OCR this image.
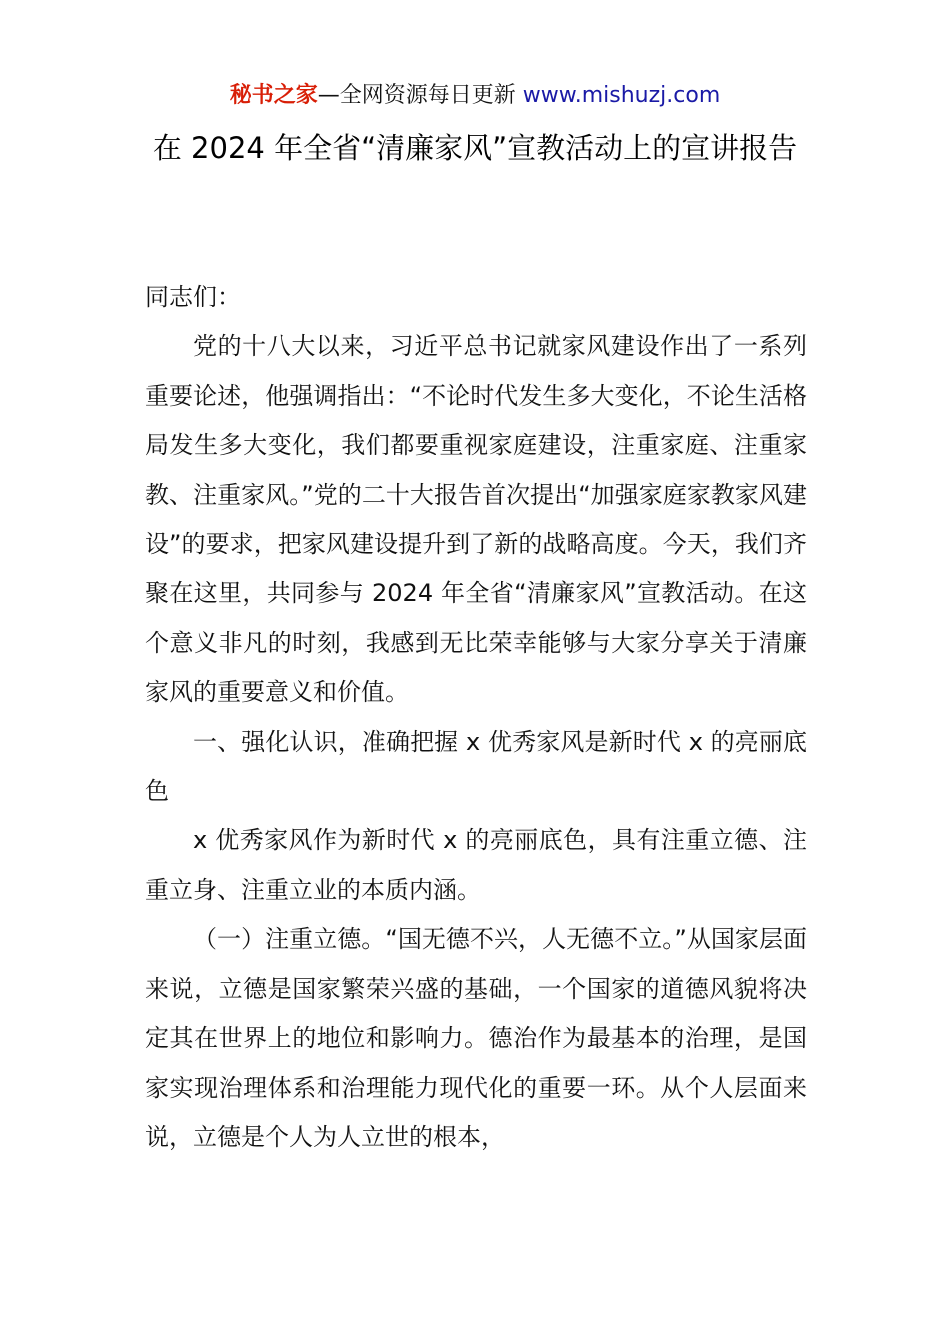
秘书之家—全网资源每日更新 www.mishuzj.com
在 2024 年全省“清廉家风”宣教活动上的宣讲报告

同志们：

党的十八大以来，习近平总书记就家风建设作出了一系列重要论述，他强调指出：“不论时代发生多大变化，不论生活格局发生多大变化，我们都要重视家庭建设，注重家庭、注重家教、注重家风。”党的二十大报告首次提出“加强家庭家教家风建设”的要求，把家风建设提升到了新的战略高度。今天，我们齐聚在这里，共同参与 2024 年全省“清廉家风”宣教活动。在这个意义非凡的时刻，我感到无比荣幸能够与大家分享关于清廉家风的重要意义和价值。

一、强化认识，准确把握 x 优秀家风是新时代 x 的亮丽底色

x 优秀家风作为新时代 x 的亮丽底色，具有注重立德、注重立身、注重立业的本质内涵。

（一）注重立德。“国无德不兴，人无德不立。”从国家层面来说，立德是国家繁荣兴盛的基础，一个国家的道德风貌将决定其在世界上的地位和影响力。德治作为最基本的治理，是国家实现治理体系和治理能力现代化的重要一环。从个人层面来说，立德是个人为人立世的根本，
